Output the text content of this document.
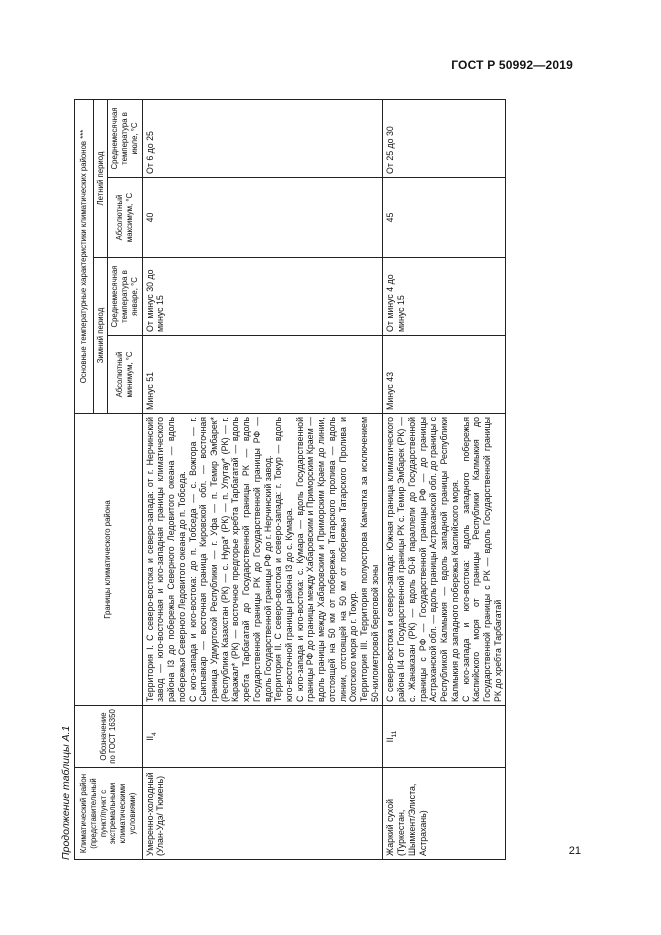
ГОСТ Р 50992—2019
Продолжение таблицы А.1 Климатический район (представительный пункт/пункт с экстремальными климатическими условиями)	Обозначение по ГОСТ 16350	Границы климатического района	Основные температурные характеристики климатических районов ***			
			Зимний период		Летний период	
			Абсолютный минимум, °С	Среднемесячная температура в январе, °С	Абсолютный максимум, °С	Среднемесячная температура в июле, °С
Умеренно-холодный (Улан-Удэ/ Тюмень)	$II_4$	Территория I. С северо-востока и северо-запада: от г. Нерчинский завод — юго-восточная и юго-западная границы климатического района I3 до побережья Северного Ледовитого океана — вдоль побережья Северного Ледовитого океана до п. Тобседа. С юго-запада и юго-востока: до п. Тобседа — с. Вожгора — г. Сыктывкар — восточная граница Кировской обл. — восточная граница Удмуртской Республики — г. Уфа — п. Темир Эмбарек* (Республика Казахстан (РК) — с. Нура* (РК) — п. Улутау* (РК) — г. Каражал* (РК) — восточное предгорье хребта Тарбагатай — вдоль хребта Тарбагатай до Государственной границы РК — вдоль Государственной границы РК до Государственной границы РФ — вдоль Государственной границы РФ до г. Нерчинский завод. Территория II. С северо-востока и северо-запада: г. Токур — вдоль юго-восточной границы района I3 до с. Кумара. С юго-запада и юго-востока: с. Кумара — вдоль Государственной границы РФ до границы между Хабаровским и Приморским Краем — вдоль границы между Хабаровским и Приморским Краем до линии, отстоящей на 50 км от побережья Татарского пролива — вдоль линии, отстоящей на 50 км от побережья Татарского Пролива и Охотского моря до г. Токур. Территория III. Территория полуострова Камчатка за исключением 50-километровой береговой зоны	Минус 51	От минус 30 до минус 15	40	От 6 до 25
Жаркий сухой (Туркестан, Шымкент/Элиста, Астрахань)	$II_{11}$	С северо-востока и северо-запада: Южная граница климатического района II4 от Государственной границы РК с. Темир Эмбарек (РК) — с. Жанаказан (РК) — вдоль 50-й параллели до Государственной границы с РФ — Государственной границы РФ — до границы Астраханской обл. — вдоль границы Астраханской обл. до границы с Республикой Калмыкия — вдоль западной границы Республики Калмыкия до западного побережья Каспийского моря. С юго-запада и юго-востока: вдоль западного побережья Каспийского моря от границы Республики Калмыкия до Государственной границы с РК — вдоль Государственной границы РК до хребта Тарбагатай	Минус 43	От минус 4 до минус 15	45	От 25 до 30
21
